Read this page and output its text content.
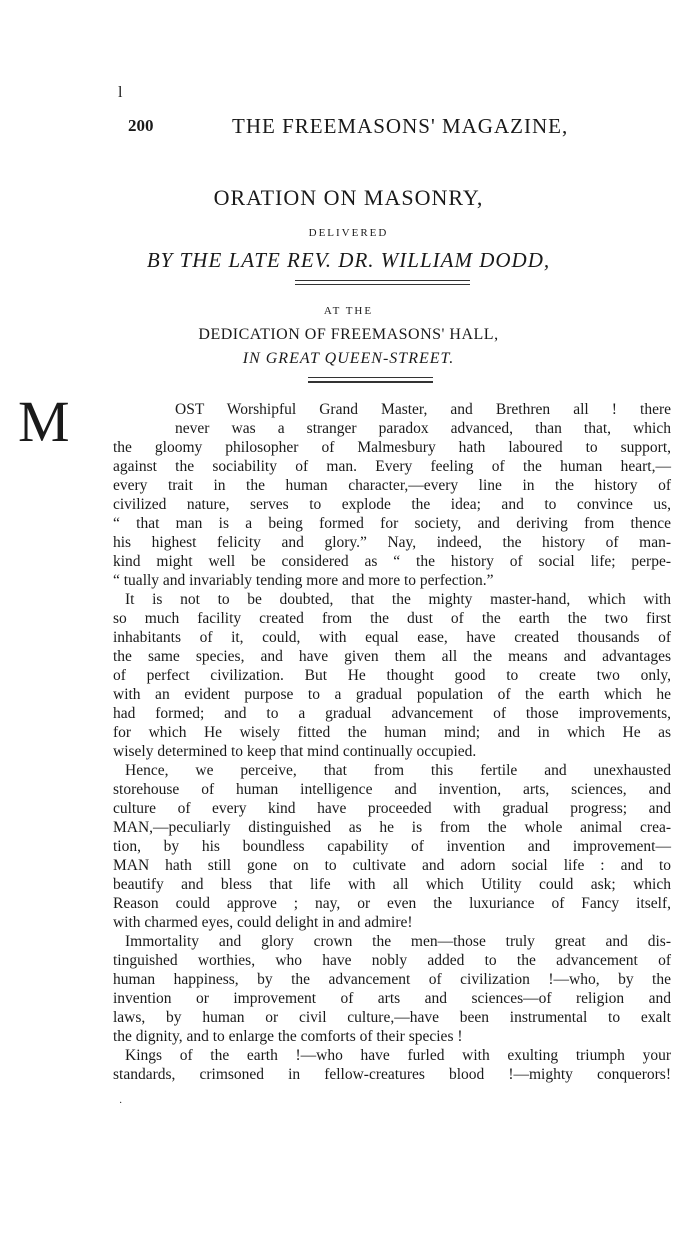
l
200	THE FREEMASONS' MAGAZINE,
ORATION ON MASONRY,
DELIVERED
BY THE LATE REV. DR. WILLIAM DODD,
AT THE
DEDICATION OF FREEMASONS' HALL,
IN GREAT QUEEN-STREET.
M	OST Worshipful Grand Master, and Brethren all ! there
never was a stranger paradox advanced, than that, which
the gloomy philosopher of Malmesbury hath laboured to support,
against the sociability of man. Every feeling of the human heart,—
every trait in the human character,—every line in the history of
civilized nature, serves to explode the idea; and to convince us,
“ that man is a being formed for society, and deriving from thence
his highest felicity and glory.” Nay, indeed, the history of man-
kind might well be considered as “ the history of social life; perpe-
“ tually and invariably tending more and more to perfection.”
It is not to be doubted, that the mighty master-hand, which with
so much facility created from the dust of the earth the two first
inhabitants of it, could, with equal ease, have created thousands of
the same species, and have given them all the means and advantages
of perfect civilization. But He thought good to create two only,
with an evident purpose to a gradual population of the earth which he
had formed; and to a gradual advancement of those improvements,
for which He wisely fitted the human mind; and in which He as
wisely determined to keep that mind continually occupied.
Hence, we perceive, that from this fertile and unexhausted
storehouse of human intelligence and invention, arts, sciences, and
culture of every kind have proceeded with gradual progress; and
MAN,—peculiarly distinguished as he is from the whole animal crea-
tion, by his boundless capability of invention and improvement—
MAN hath still gone on to cultivate and adorn social life : and to
beautify and bless that life with all which Utility could ask; which
Reason could approve ; nay, or even the luxuriance of Fancy itself,
with charmed eyes, could delight in and admire!
Immortality and glory crown the men—those truly great and dis-
tinguished worthies, who have nobly added to the advancement of
human happiness, by the advancement of civilization !—who, by the
invention or improvement of arts and sciences—of religion and
laws, by human or civil culture,—have been instrumental to exalt
the dignity, and to enlarge the comforts of their species !
Kings of the earth !—who have furled with exulting triumph your
standards, crimsoned in fellow-creatures blood !—mighty conquerors!
·
